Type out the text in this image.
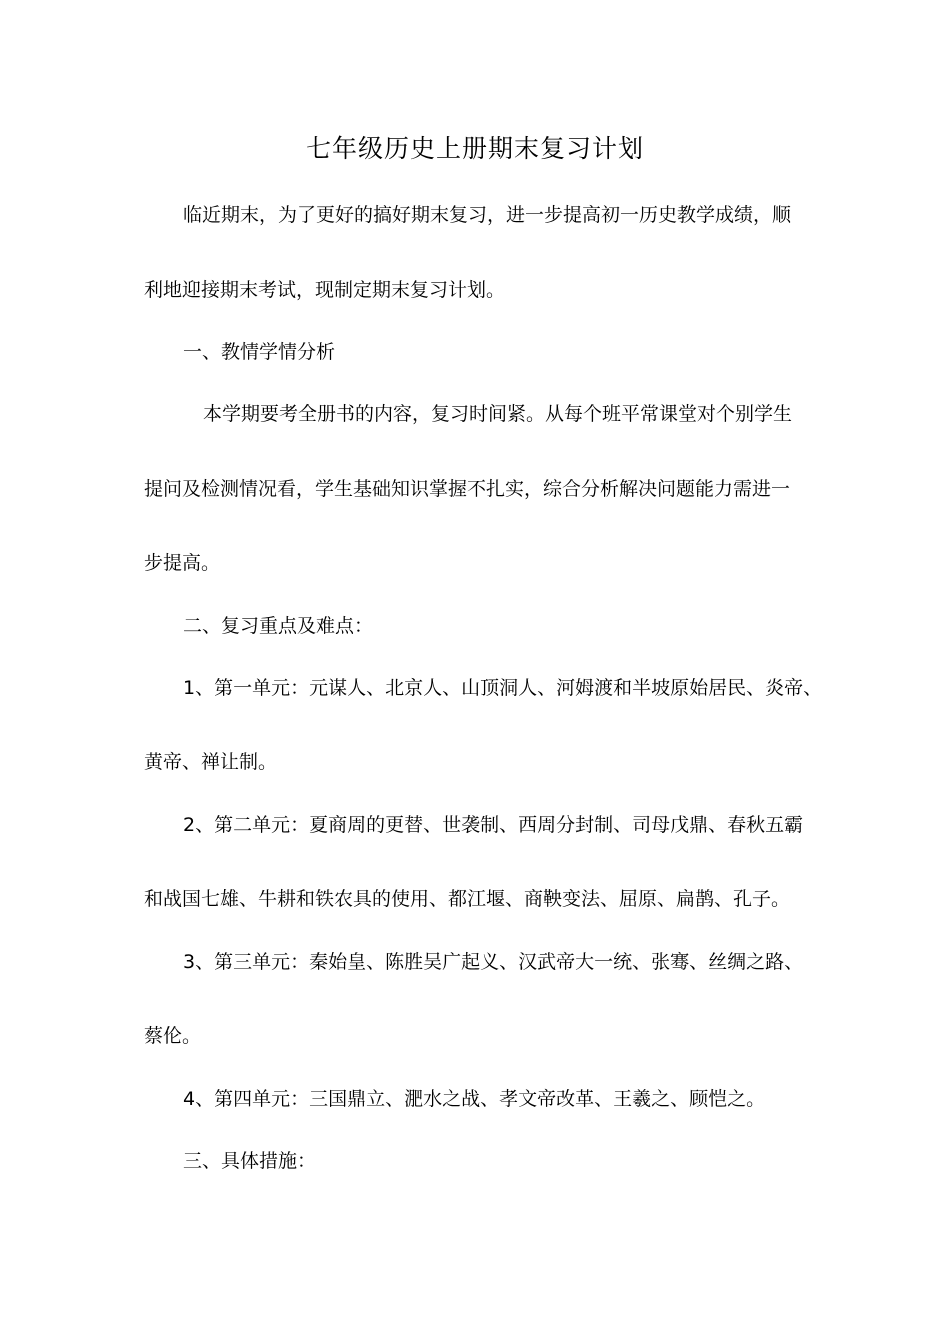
七年级历史上册期末复习计划
临近期末，为了更好的搞好期末复习，进一步提高初一历史教学成绩，顺
利地迎接期末考试，现制定期末复习计划。
一、教情学情分析
本学期要考全册书的内容，复习时间紧。从每个班平常课堂对个别学生
提问及检测情况看，学生基础知识掌握不扎实，综合分析解决问题能力需进一
步提高。
二、复习重点及难点：
1、第一单元：元谋人、北京人、山顶洞人、河姆渡和半坡原始居民、炎帝、
黄帝、禅让制。
2、第二单元：夏商周的更替、世袭制、西周分封制、司母戊鼎、春秋五霸
和战国七雄、牛耕和铁农具的使用、都江堰、商鞅变法、屈原、扁鹊、孔子。
3、第三单元：秦始皇、陈胜吴广起义、汉武帝大一统、张骞、丝绸之路、
蔡伦。
4、第四单元：三国鼎立、淝水之战、孝文帝改革、王羲之、顾恺之。
三、具体措施：
